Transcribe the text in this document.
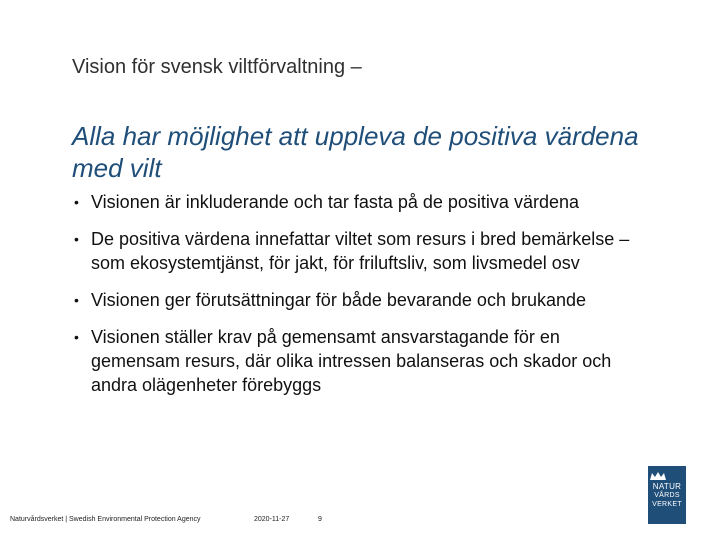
Vision för svensk viltförvaltning –
Alla har möjlighet att uppleva de positiva värdena med vilt
• Visionen är inkluderande och tar fasta på de positiva värdena
• De positiva värdena innefattar viltet som resurs i bred bemärkelse – som ekosystemtjänst, för jakt, för friluftsliv, som livsmedel osv
• Visionen ger förutsättningar för både bevarande och brukande
• Visionen ställer krav på gemensamt ansvarstagande för en gemensam resurs, där olika intressen balanseras och skador och andra olägenheter förebyggs
Naturvårdsverket | Swedish Environmental Protection Agency	2020-11-27	9
NATUR
VÅRDS
VERKET
